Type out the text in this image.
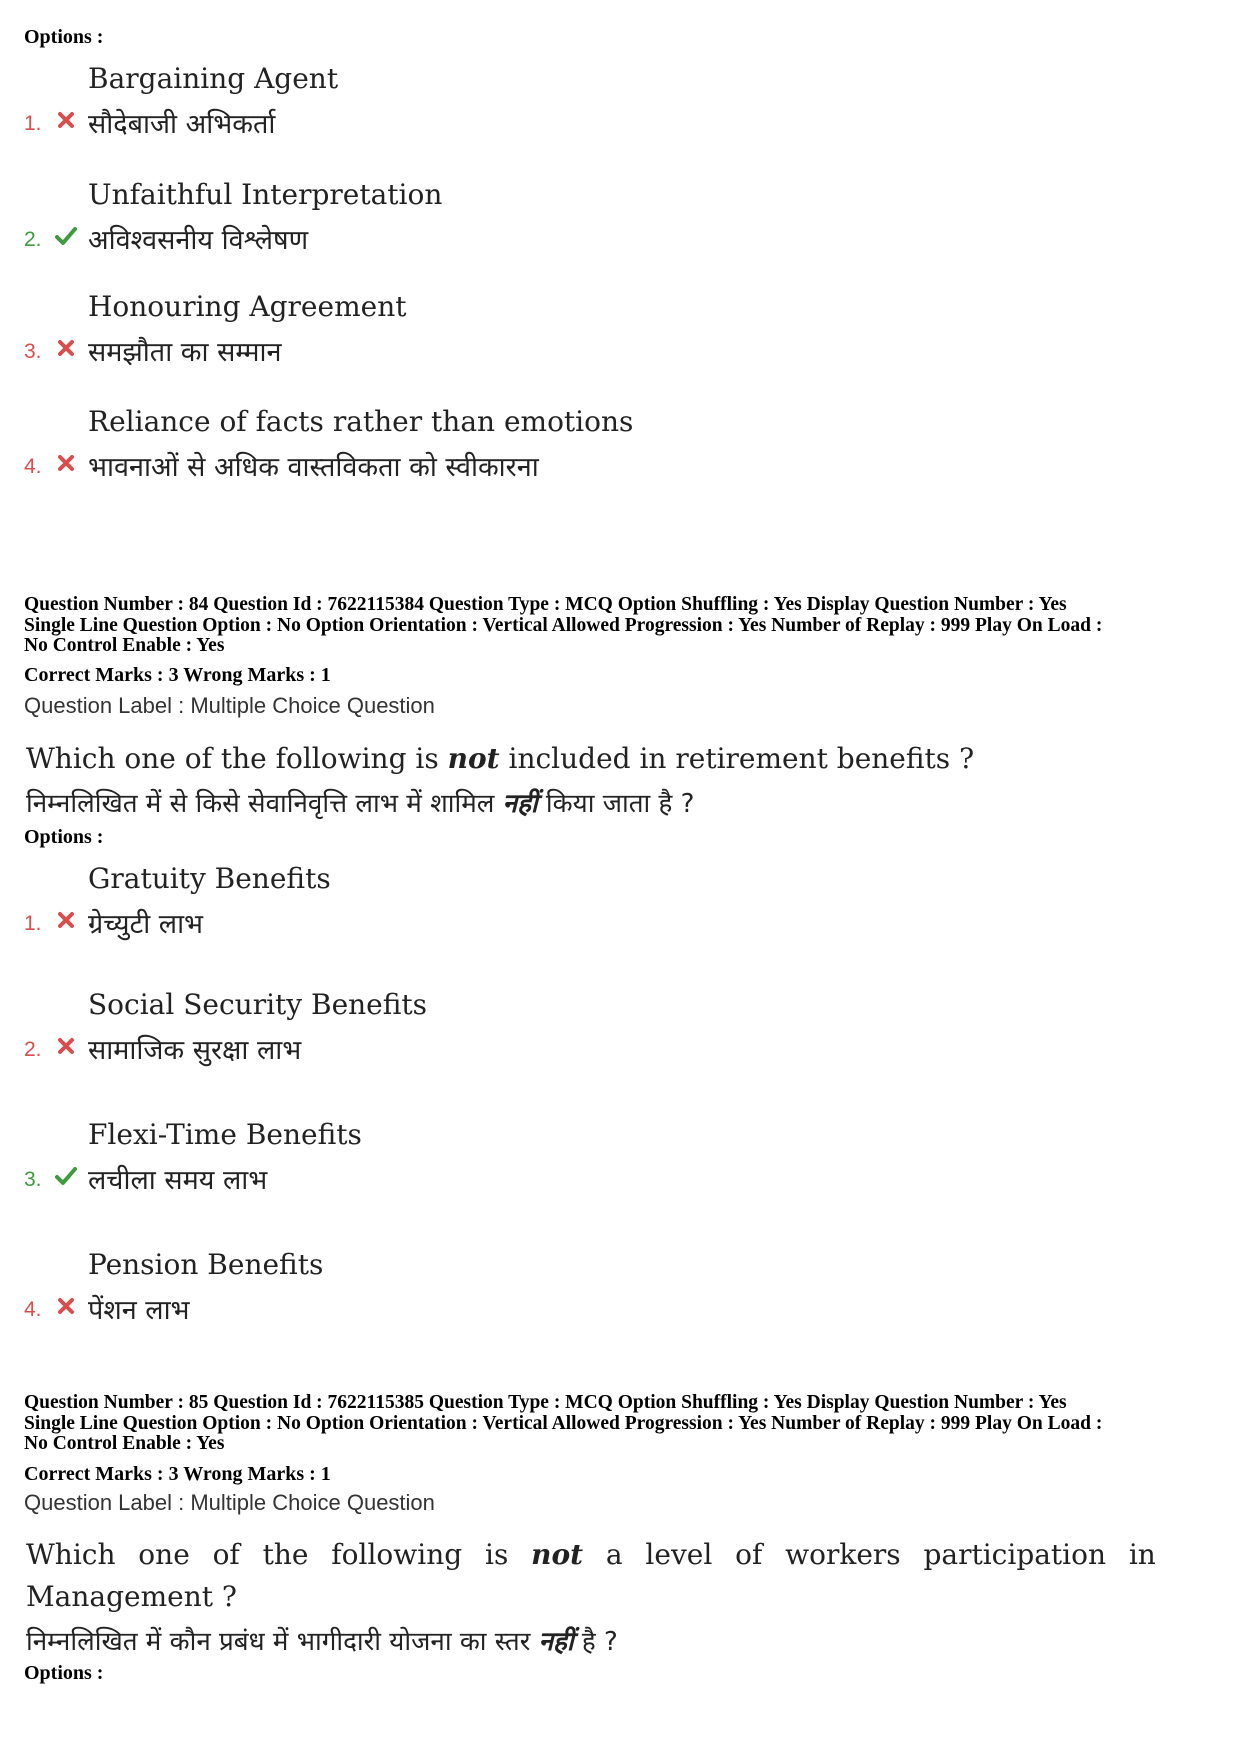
Options :
Bargaining Agent
1. सौदेबाजी अभिकर्ता
Unfaithful Interpretation
2. अविश्वसनीय विश्लेषण
Honouring Agreement
3. समझौता का सम्मान
Reliance of facts rather than emotions
4. भावनाओं से अधिक वास्तविकता को स्वीकारना
Question Number : 84 Question Id : 7622115384 Question Type : MCQ Option Shuffling : Yes Display Question Number : Yes
Single Line Question Option : No Option Orientation : Vertical Allowed Progression : Yes Number of Replay : 999 Play On Load :
No Control Enable : Yes
Correct Marks : 3 Wrong Marks : 1
Question Label : Multiple Choice Question
Which one of the following is not included in retirement benefits ?
निम्नलिखित में से किसे सेवानिवृत्ति लाभ में शामिल नहीं किया जाता है ?
Options :
Gratuity Benefits
1. ग्रेच्युटी लाभ
Social Security Benefits
2. सामाजिक सुरक्षा लाभ
Flexi-Time Benefits
3. लचीला समय लाभ
Pension Benefits
4. पेंशन लाभ
Question Number : 85 Question Id : 7622115385 Question Type : MCQ Option Shuffling : Yes Display Question Number : Yes
Single Line Question Option : No Option Orientation : Vertical Allowed Progression : Yes Number of Replay : 999 Play On Load :
No Control Enable : Yes
Correct Marks : 3 Wrong Marks : 1
Question Label : Multiple Choice Question
Which one of the following is not a level of workers participation in
Management ?
निम्नलिखित में कौन प्रबंध में भागीदारी योजना का स्तर नहीं है ?
Options :
